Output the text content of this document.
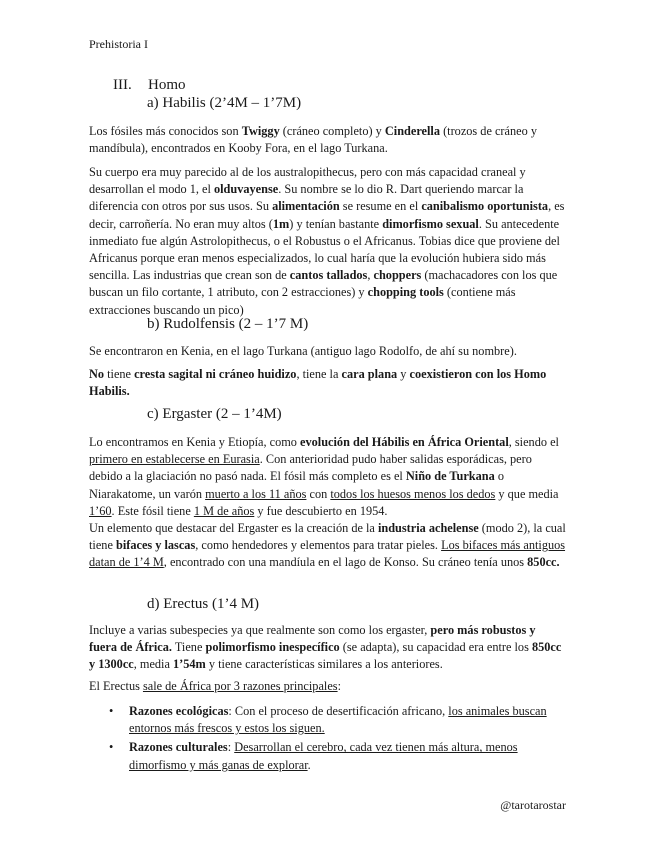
Prehistoria I
III.	Homo
a) Habilis (2’4M – 1’7M)

Los fósiles más conocidos son Twiggy (cráneo completo) y Cinderella (trozos de cráneo y mandíbula), encontrados en Kooby Fora, en el lago Turkana.

Su cuerpo era muy parecido al de los australopithecus, pero con más capacidad craneal y desarrollan el modo 1, el olduvayense. Su nombre se lo dio R. Dart queriendo marcar la diferencia con otros por sus usos. Su alimentación se resume en el canibalismo oportunista, es decir, carroñería. No eran muy altos (1m) y tenían bastante dimorfismo sexual. Su antecedente inmediato fue algún Astrolopithecus, o el Robustus o el Africanus. Tobias dice que proviene del Africanus porque eran menos especializados, lo cual haría que la evolución hubiera sido más sencilla. Las industrias que crean son de cantos tallados, choppers (machacadores con los que buscan un filo cortante, 1 atributo, con 2 estracciones) y chopping tools (contiene más extracciones buscando un pico)

b) Rudolfensis (2 – 1’7 M)

Se encontraron en Kenia, en el lago Turkana (antiguo lago Rodolfo, de ahí su nombre).

No tiene cresta sagital ni cráneo huidizo, tiene la cara plana y coexistieron con los Homo Habilis.

c) Ergaster (2 – 1’4M)

Lo encontramos en Kenia y Etiopía, como evolución del Hábilis en África Oriental, siendo el primero en establecerse en Eurasia. Con anterioridad pudo haber salidas esporádicas, pero debido a la glaciación no pasó nada. El fósil más completo es el Niño de Turkana o Niarakatome, un varón muerto a los 11 años con todos los huesos menos los dedos y que media 1’60. Este fósil tiene 1 M de años y fue descubierto en 1954.

Un elemento que destacar del Ergaster es la creación de la industria achelense (modo 2), la cual tiene bifaces y lascas, como hendedores y elementos para tratar pieles. Los bifaces más antiguos datan de 1’4 M, encontrado con una mandíula en el lago de Konso. Su cráneo tenía unos 850cc.

d) Erectus (1’4 M)

Incluye a varias subespecies ya que realmente son como los ergaster, pero más robustos y fuera de África. Tiene polimorfismo inespecífico (se adapta), su capacidad era entre los 850cc y 1300cc, media 1’54m y tiene características similares a los anteriores.

El Erectus sale de África por 3 razones principales:

• Razones ecológicas: Con el proceso de desertificación africano, los animales buscan entornos más frescos y estos los siguen.
• Razones culturales: Desarrollan el cerebro, cada vez tienen más altura, menos dimorfismo y más ganas de explorar.
@tarotarostar
